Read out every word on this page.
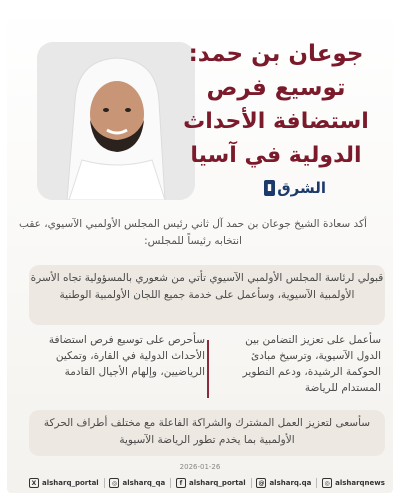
جوعان بن حمد:
توسيع فرص
استضافة الأحداث
الدولية في آسيا
الشرق
▮
أكد سعادة الشيخ جوعان بن حمد آل ثاني رئيس المجلس الأولمبي الآسيوي، عقب انتخابه رئيساً للمجلس:
قبولي لرئاسة المجلس الأولمبي الآسيوي تأتي من شعوري بالمسؤولية تجاه الأسرة الأولمبية الآسيوية، وسأعمل على خدمة جميع اللجان الأولمبية الوطنية
سأعمل على تعزيز التضامن بين الدول الآسيوية، وترسيخ مبادئ الحوكمة الرشيدة، ودعم التطوير المستدام للرياضة
سأحرص على توسيع فرص استضافة الأحداث الدولية في القارة، وتمكين الرياضيين، وإلهام الأجيال القادمة
سأسعى لتعزيز العمل المشترك والشراكة الفاعلة مع مختلف أطراف الحركة الأولمبية بما يخدم تطور الرياضة الآسيوية
2026-01-26
X alsharq_portal	◎ alsharq_qa	f alsharq_portal	@ alsharq.qa	◎ alsharqnews
